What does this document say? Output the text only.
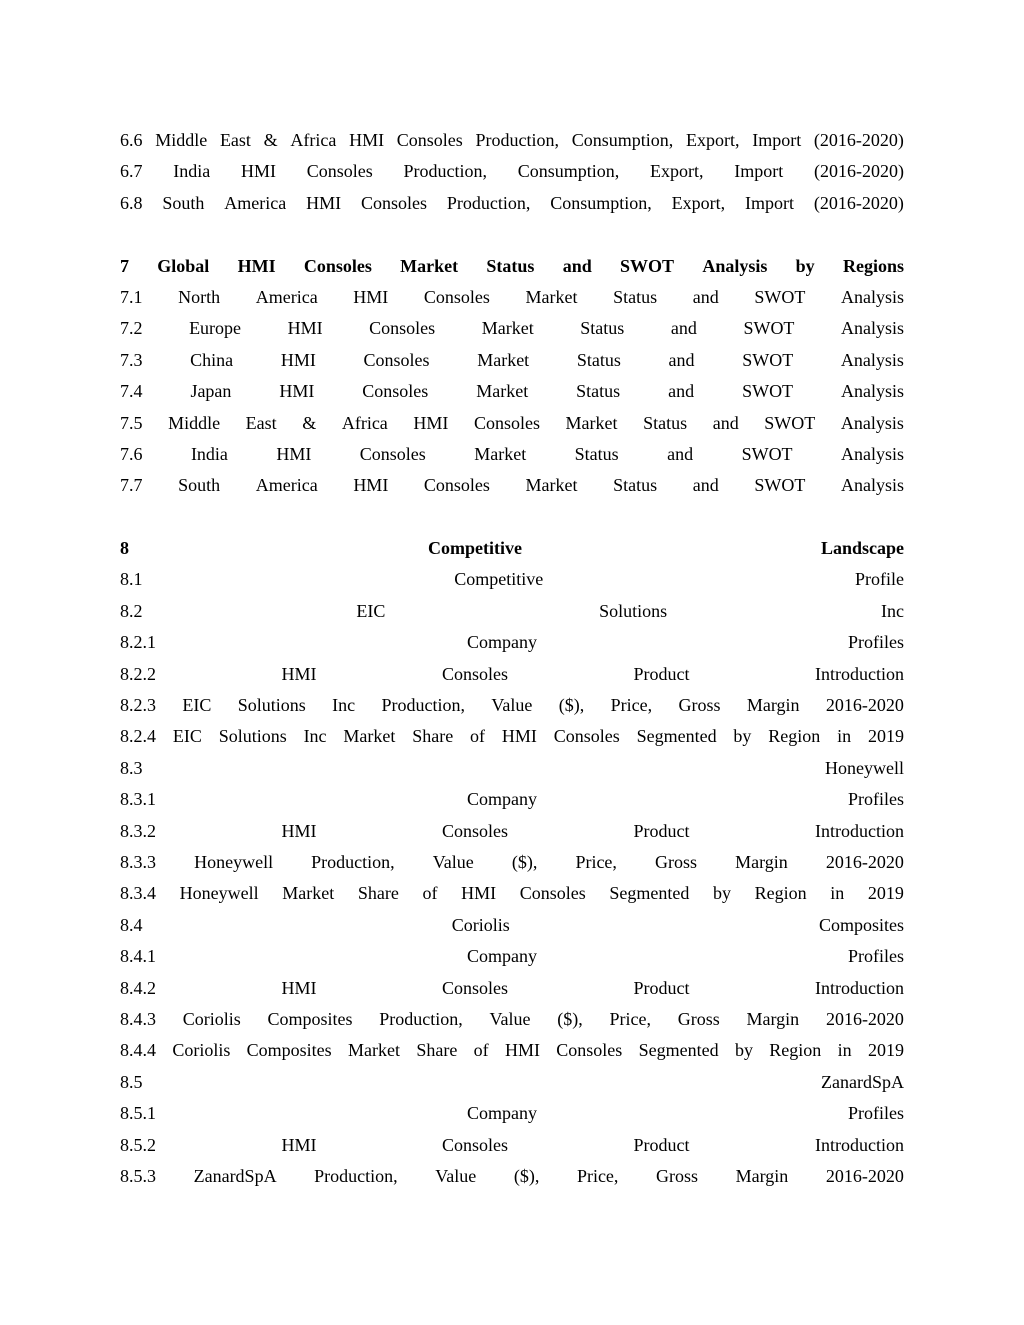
6.6 Middle East & Africa HMI Consoles Production, Consumption, Export, Import (2016-2020)
6.7 India HMI Consoles Production, Consumption, Export, Import (2016-2020)
6.8 South America HMI Consoles Production, Consumption, Export, Import (2016-2020)
7 Global HMI Consoles Market Status and SWOT Analysis by Regions
7.1 North America HMI Consoles Market Status and SWOT Analysis
7.2	Europe	HMI	Consoles	Market	Status	and	SWOT	Analysis
7.3	China	HMI	Consoles	Market	Status	and	SWOT	Analysis
7.4	Japan	HMI	Consoles	Market	Status	and	SWOT	Analysis
7.5 Middle East & Africa HMI Consoles Market Status and SWOT Analysis
7.6	India	HMI	Consoles	Market	Status	and	SWOT	Analysis
7.7 South America HMI Consoles Market Status and SWOT Analysis
8	Competitive	Landscape
8.1	Competitive	Profile
8.2	EIC	Solutions	Inc
8.2.1	Company	Profiles
8.2.2	HMI	Consoles	Product	Introduction
8.2.3 EIC Solutions Inc Production, Value ($), Price, Gross Margin 2016-2020
8.2.4 EIC Solutions Inc Market Share of HMI Consoles Segmented by Region in 2019
8.3	Honeywell
8.3.1	Company	Profiles
8.3.2	HMI	Consoles	Product	Introduction
8.3.3 Honeywell Production, Value ($), Price, Gross Margin 2016-2020
8.3.4 Honeywell Market Share of HMI Consoles Segmented by Region in 2019
8.4	Coriolis	Composites
8.4.1	Company	Profiles
8.4.2	HMI	Consoles	Product	Introduction
8.4.3 Coriolis Composites Production, Value ($), Price, Gross Margin 2016-2020
8.4.4 Coriolis Composites Market Share of HMI Consoles Segmented by Region in 2019
8.5	ZanardSpA
8.5.1	Company	Profiles
8.5.2	HMI	Consoles	Product	Introduction
8.5.3 ZanardSpA Production, Value ($), Price, Gross Margin 2016-2020
